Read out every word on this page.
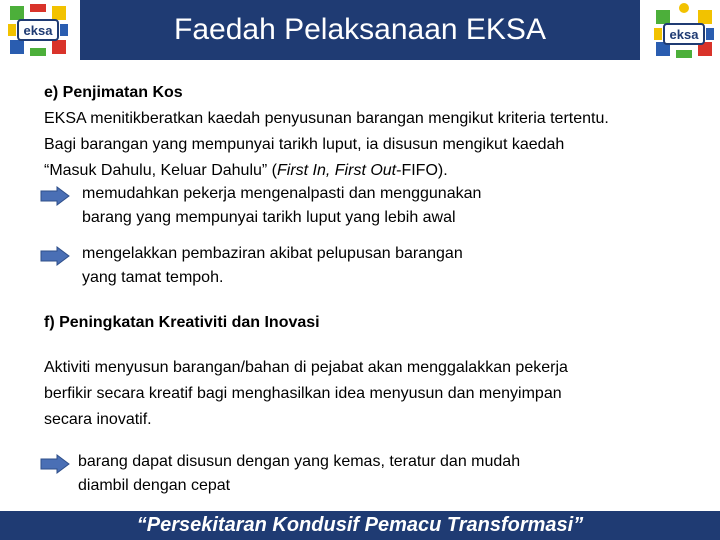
eksa	Faedah Pelaksanaan EKSA	eksa

e) Penjimatan Kos

EKSA menitikberatkan kaedah penyusunan barangan mengikut kriteria tertentu.

Bagi barangan yang mempunyai tarikh luput, ia disusun mengikut kaedah

“Masuk Dahulu, Keluar Dahulu” (First In, First Out-FIFO).

memudahkan pekerja mengenalpasti dan menggunakan
barang yang mempunyai tarikh luput yang lebih awal
mengelakkan pembaziran akibat pelupusan barangan
yang tamat tempoh.

f) Peningkatan Kreativiti dan Inovasi

Aktiviti menyusun barangan/bahan di pejabat akan menggalakkan pekerja

berfikir secara kreatif bagi menghasilkan idea menyusun dan menyimpan

secara inovatif.

barang dapat disusun dengan yang kemas, teratur dan mudah
diambil dengan cepat
“Persekitaran Kondusif Pemacu Transformasi”
